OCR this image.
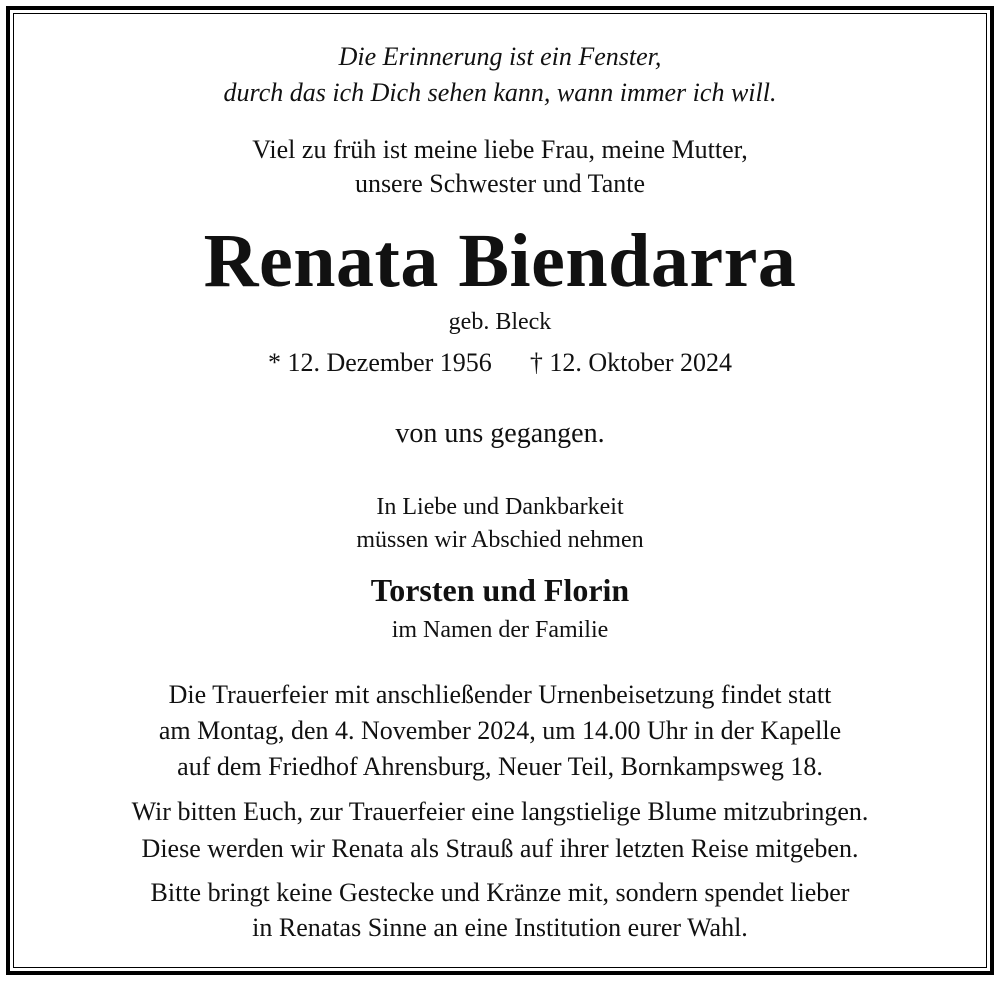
Die Erinnerung ist ein Fenster,
durch das ich Dich sehen kann, wann immer ich will.
Viel zu früh ist meine liebe Frau, meine Mutter,
unsere Schwester und Tante
Renata Biendarra
geb. Bleck
* 12. Dezember 1956 † 12. Oktober 2024
von uns gegangen.
In Liebe und Dankbarkeit
müssen wir Abschied nehmen
Torsten und Florin
im Namen der Familie
Die Trauerfeier mit anschließender Urnenbeisetzung findet statt
am Montag, den 4. November 2024, um 14.00 Uhr in der Kapelle
auf dem Friedhof Ahrensburg, Neuer Teil, Bornkampsweg 18.
Wir bitten Euch, zur Trauerfeier eine langstielige Blume mitzubringen.
Diese werden wir Renata als Strauß auf ihrer letzten Reise mitgeben.
Bitte bringt keine Gestecke und Kränze mit, sondern spendet lieber
in Renatas Sinne an eine Institution eurer Wahl.
